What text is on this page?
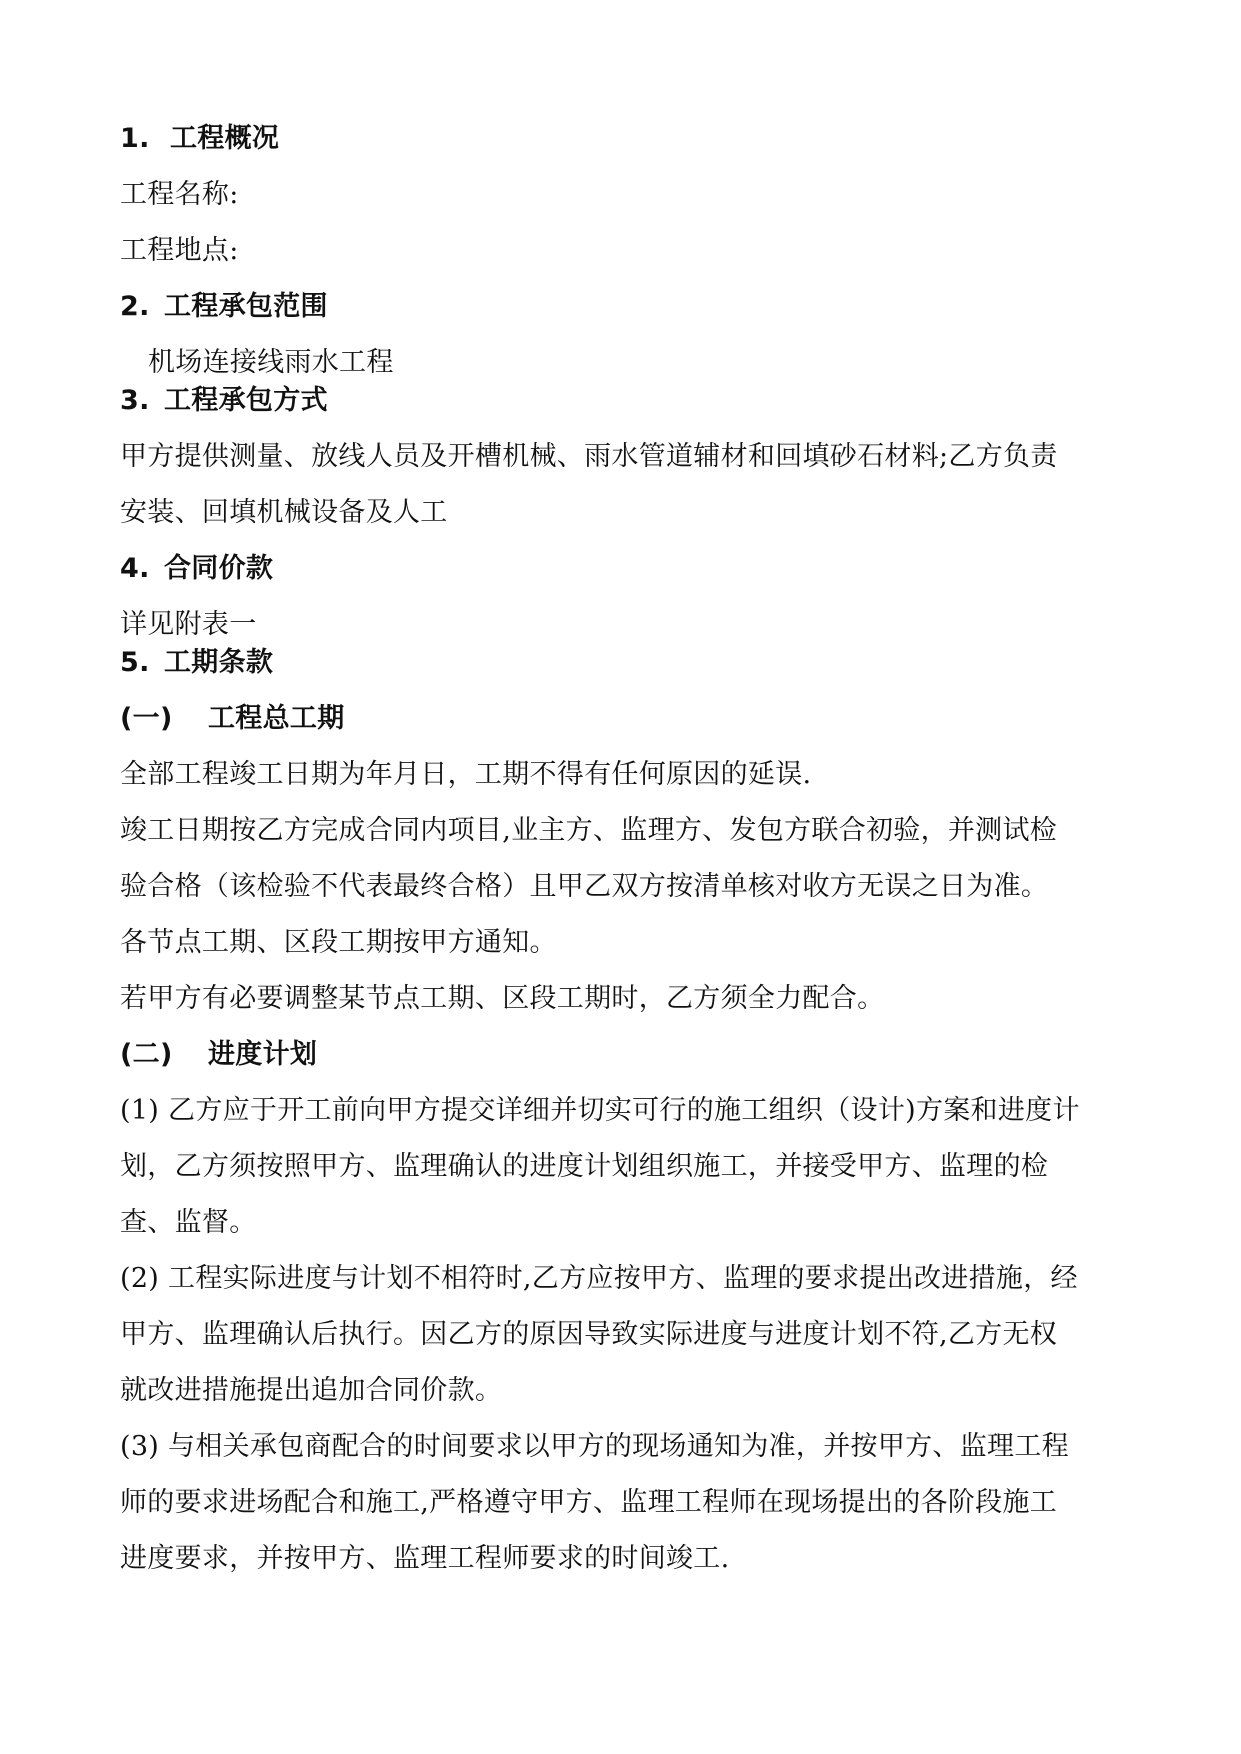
1. 工程概况
工程名称:
工程地点:
2. 工程承包范围
机场连接线雨水工程
3. 工程承包方式
甲方提供测量、放线人员及开槽机械、雨水管道辅材和回填砂石材料;乙方负责
安装、回填机械设备及人工
4. 合同价款
详见附表一
5. 工期条款
(一) 工程总工期
全部工程竣工日期为年月日，工期不得有任何原因的延误.
竣工日期按乙方完成合同内项目,业主方、监理方、发包方联合初验，并测试检
验合格（该检验不代表最终合格）且甲乙双方按清单核对收方无误之日为准。
各节点工期、区段工期按甲方通知。
若甲方有必要调整某节点工期、区段工期时，乙方须全力配合。
(二) 进度计划
(1) 乙方应于开工前向甲方提交详细并切实可行的施工组织（设计)方案和进度计
划，乙方须按照甲方、监理确认的进度计划组织施工，并接受甲方、监理的检
查、监督。
(2) 工程实际进度与计划不相符时,乙方应按甲方、监理的要求提出改进措施，经
甲方、监理确认后执行。因乙方的原因导致实际进度与进度计划不符,乙方无权
就改进措施提出追加合同价款。
(3) 与相关承包商配合的时间要求以甲方的现场通知为准，并按甲方、监理工程
师的要求进场配合和施工,严格遵守甲方、监理工程师在现场提出的各阶段施工
进度要求，并按甲方、监理工程师要求的时间竣工.
